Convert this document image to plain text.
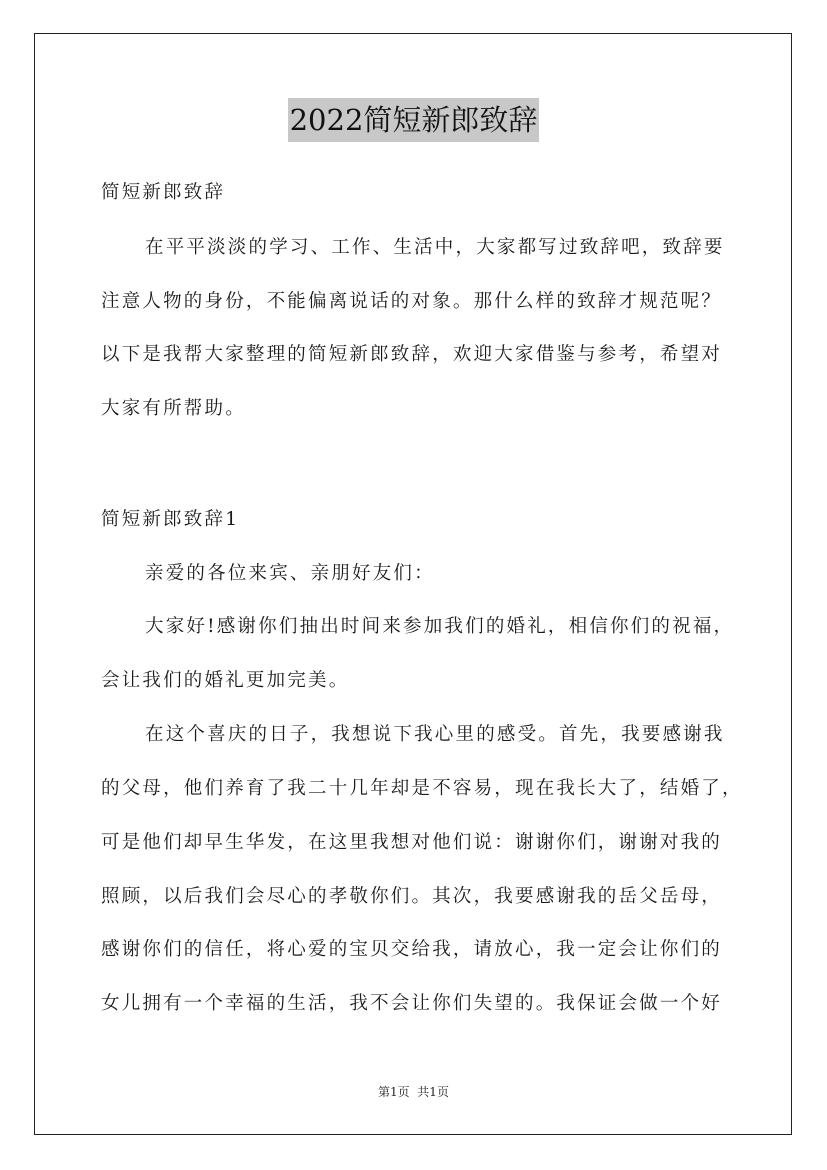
2022简短新郎致辞

简短新郎致辞

在平平淡淡的学习、工作、生活中，大家都写过致辞吧，致辞要

注意人物的身份，不能偏离说话的对象。那什么样的致辞才规范呢？

以下是我帮大家整理的简短新郎致辞，欢迎大家借鉴与参考，希望对

大家有所帮助。

简短新郎致辞1

亲爱的各位来宾、亲朋好友们：

大家好!感谢你们抽出时间来参加我们的婚礼，相信你们的祝福，

会让我们的婚礼更加完美。

在这个喜庆的日子，我想说下我心里的感受。首先，我要感谢我

的父母，他们养育了我二十几年却是不容易，现在我长大了，结婚了，

可是他们却早生华发，在这里我想对他们说：谢谢你们，谢谢对我的

照顾，以后我们会尽心的孝敬你们。其次，我要感谢我的岳父岳母，

感谢你们的信任，将心爱的宝贝交给我，请放心，我一定会让你们的

女儿拥有一个幸福的生活，我不会让你们失望的。我保证会做一个好

第1页  共1页
